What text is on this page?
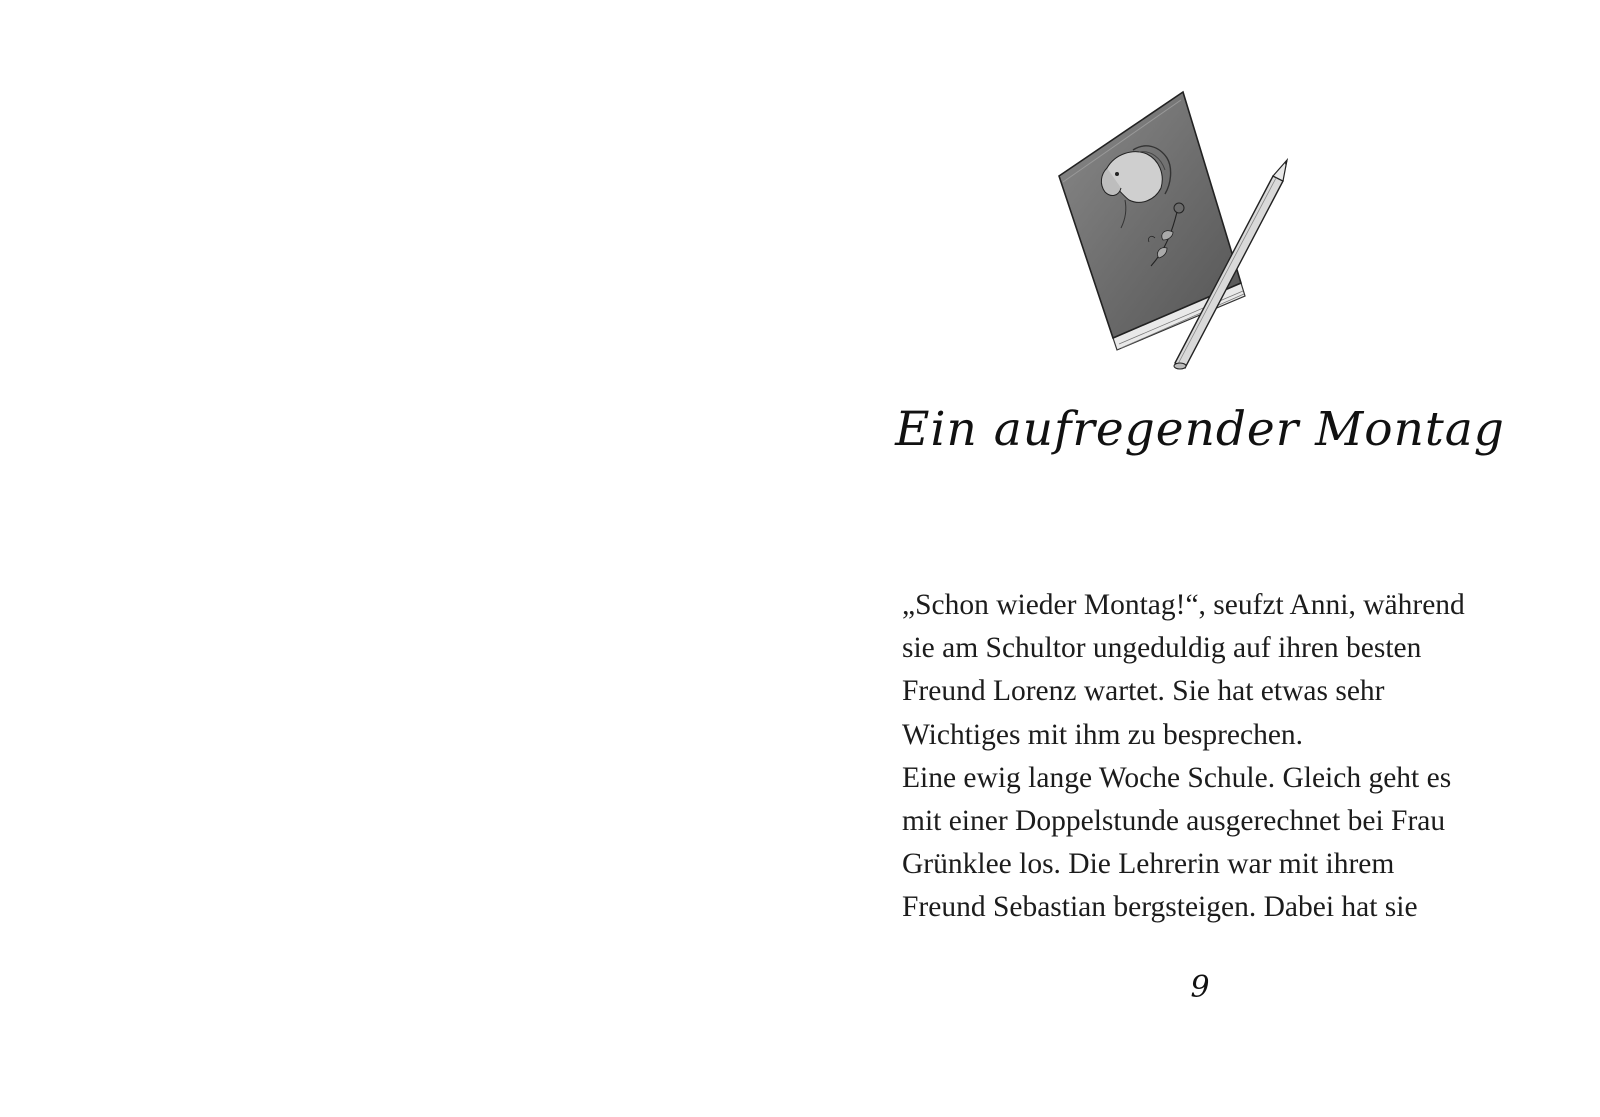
Ein aufregender Montag

„Schon wieder Montag!“, seufzt Anni, während
sie am Schultor ungeduldig auf ihren besten
Freund Lorenz wartet. Sie hat etwas sehr
Wichtiges mit ihm zu besprechen.
Eine ewig lange Woche Schule. Gleich geht es
mit einer Doppelstunde ausgerechnet bei Frau
Grünklee los. Die Lehrerin war mit ihrem
Freund Sebastian bergsteigen. Dabei hat sie

9
